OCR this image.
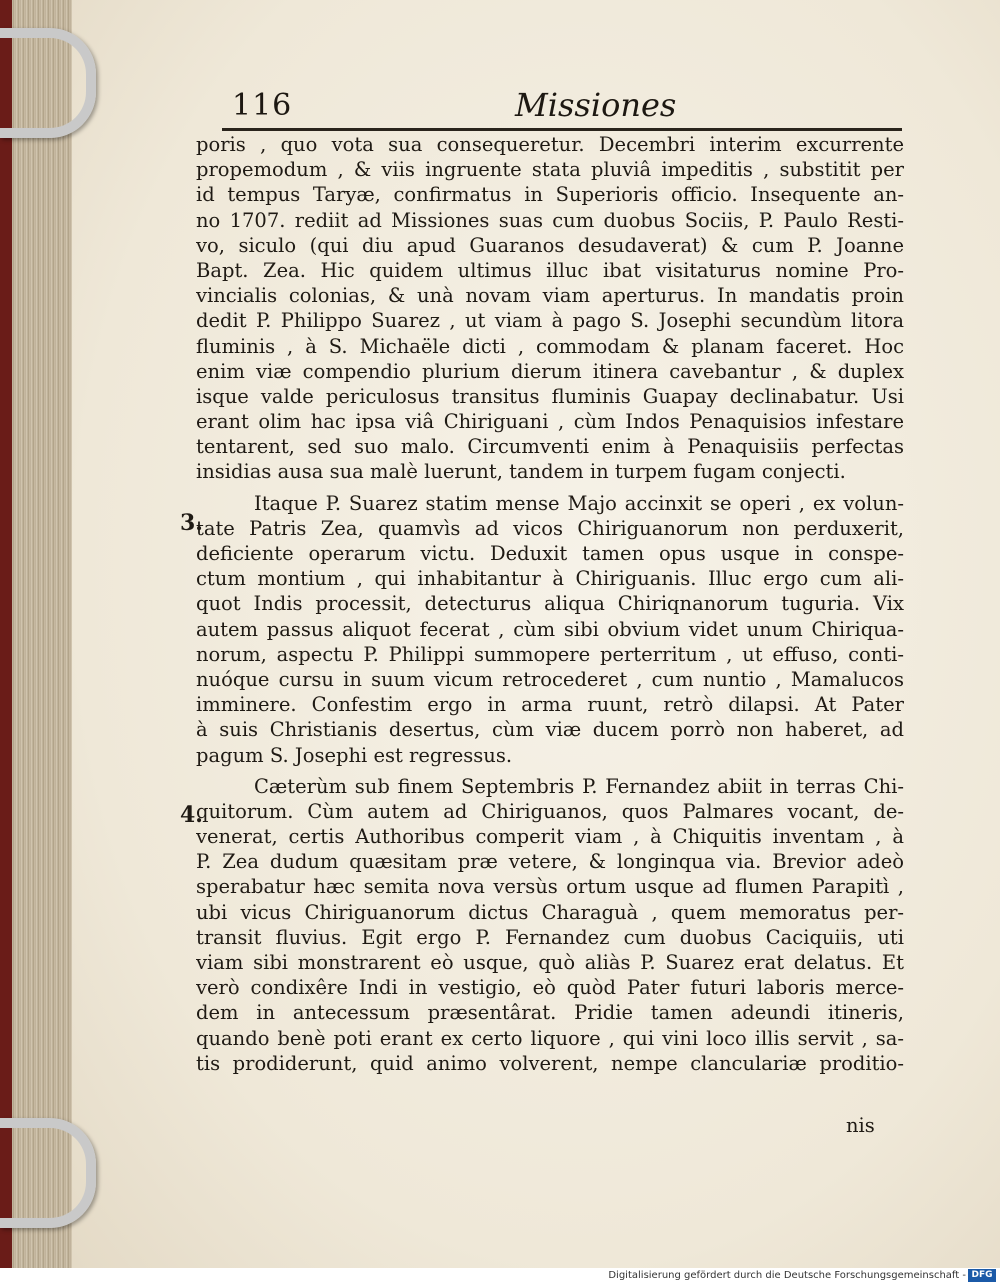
116	Missiones
poris , quo vota sua consequeretur. Decembri interim excurrente
propemodum , & viis ingruente stata pluviâ impeditis , substitit per
id tempus Taryæ, confirmatus in Superioris officio. Insequente an-
no 1707. rediit ad Missiones suas cum duobus Sociis, P. Paulo Resti-
vo, siculo (qui diu apud Guaranos desudaverat) & cum P. Joanne
Bapt. Zea. Hic quidem ultimus illuc ibat visitaturus nomine Pro-
vincialis colonias, & unà novam viam aperturus. In mandatis proin
dedit P. Philippo Suarez , ut viam à pago S. Josephi secundùm litora
fluminis , à S. Michaële dicti , commodam & planam faceret. Hoc
enim viæ compendio plurium dierum itinera cavebantur , & duplex
isque valde periculosus transitus fluminis Guapay declinabatur. Usi
erant olim hac ipsa viâ Chiriguani , cùm Indos Penaquisios infestare
tentarent, sed suo malo. Circumventi enim à Penaquisiis perfectas
insidias ausa sua malè luerunt, tandem in turpem fugam conjecti.
Itaque P. Suarez statim mense Majo accinxit se operi , ex volun-
tate Patris Zea, quamvìs ad vicos Chiriguanorum non perduxerit,
deficiente operarum victu. Deduxit tamen opus usque in conspe-
ctum montium , qui inhabitantur à Chiriguanis. Illuc ergo cum ali-
quot Indis processit, detecturus aliqua Chiriqnanorum tuguria. Vix
autem passus aliquot fecerat , cùm sibi obvium videt unum Chiriqua-
norum, aspectu P. Philippi summopere perterritum , ut effuso, conti-
nuóque cursu in suum vicum retrocederet , cum nuntio , Mamalucos
imminere. Confestim ergo in arma ruunt, retrò dilapsi. At Pater
à suis Christianis desertus, cùm viæ ducem porrò non haberet, ad
pagum S. Josephi est regressus.
Cæterùm sub finem Septembris P. Fernandez abiit in terras Chi-
quitorum. Cùm autem ad Chiriguanos, quos Palmares vocant, de-
venerat, certis Authoribus comperit viam , à Chiquitis inventam , à
P. Zea dudum quæsitam præ vetere, & longinqua via. Brevior adeò
sperabatur hæc semita nova versùs ortum usque ad flumen Parapitì ,
ubi vicus Chiriguanorum dictus Charaguà , quem memoratus per-
transit fluvius. Egit ergo P. Fernandez cum duobus Caciquiis, uti
viam sibi monstrarent eò usque, quò aliàs P. Suarez erat delatus. Et
verò condixêre Indi in vestigio, eò quòd Pater futuri laboris merce-
dem in antecessum præsentârat. Pridie tamen adeundi itineris,
quando benè poti erant ex certo liquore , qui vini loco illis servit , sa-
tis prodiderunt, quid animo volverent, nempe clanculariæ proditio-
3.
4.
nis
Digitalisierung gefördert durch die Deutsche Forschungsgemeinschaft - DFG
